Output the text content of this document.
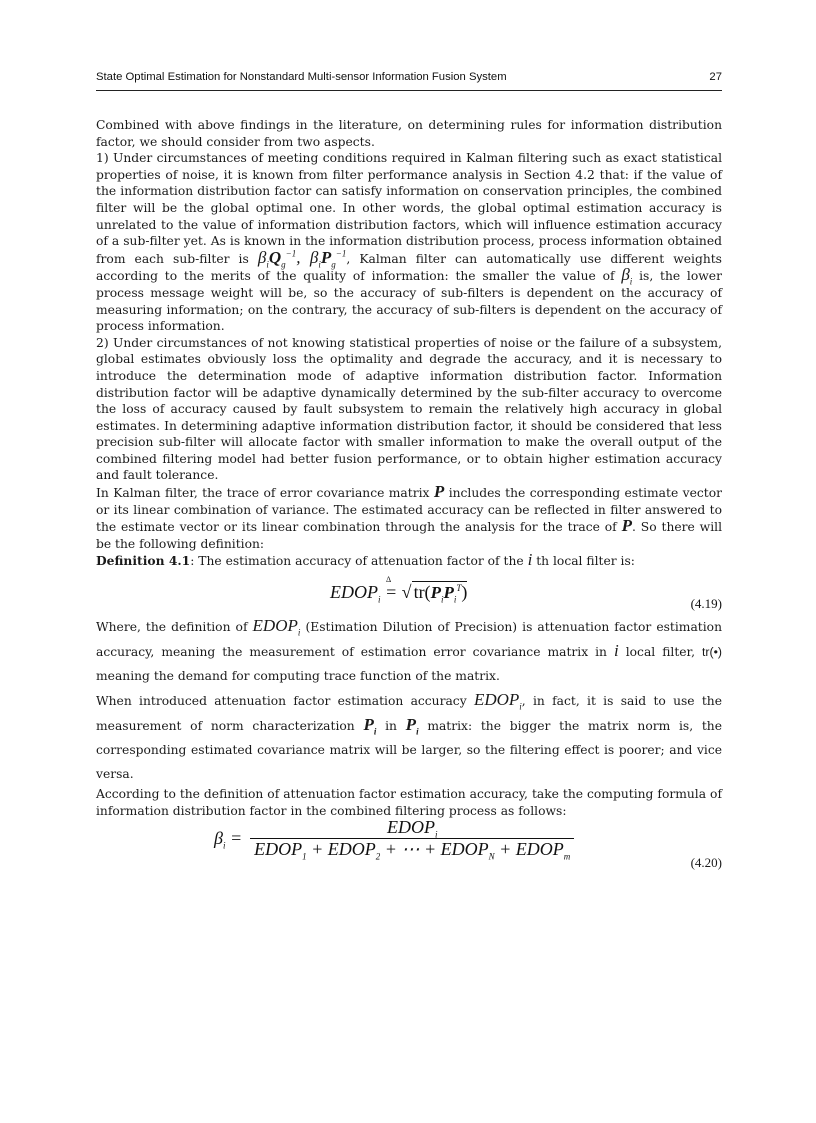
State Optimal Estimation for Nonstandard Multi-sensor Information Fusion System	27

Combined with above findings in the literature, on determining rules for information distribution factor, we should consider from two aspects.

1) Under circumstances of meeting conditions required in Kalman filtering such as exact statistical properties of noise, it is known from filter performance analysis in Section 4.2 that: if the value of the information distribution factor can satisfy information on conservation principles, the combined filter will be the global optimal one. In other words, the global optimal estimation accuracy is unrelated to the value of information distribution factors, which will influence estimation accuracy of a sub-filter yet. As is known in the information distribution process, process information obtained from each sub-filter is $\beta_iQ_g^{-1}$, $\beta_iP_g^{-1}$, Kalman filter can automatically use different weights according to the merits of the quality of information: the smaller the value of $\beta_i$ is, the lower process message weight will be, so the accuracy of sub-filters is dependent on the accuracy of measuring information; on the contrary, the accuracy of sub-filters is dependent on the accuracy of process information.

2) Under circumstances of not knowing statistical properties of noise or the failure of a subsystem, global estimates obviously loss the optimality and degrade the accuracy, and it is necessary to introduce the determination mode of adaptive information distribution factor. Information distribution factor will be adaptive dynamically determined by the sub-filter accuracy to overcome the loss of accuracy caused by fault subsystem to remain the relatively high accuracy in global estimates. In determining adaptive information distribution factor, it should be considered that less precision sub-filter will allocate factor with smaller information to make the overall output of the combined filtering model had better fusion performance, or to obtain higher estimation accuracy and fault tolerance.

In Kalman filter, the trace of error covariance matrix P includes the corresponding estimate vector or its linear combination of variance. The estimated accuracy can be reflected in filter answered to the estimate vector or its linear combination through the analysis for the trace of P. So there will be the following definition:

Definition 4.1: The estimation accuracy of attenuation factor of the i th local filter is:

Δ
$EDOP_i$ = √ $tr(P_iP_i^T)$
(4.19)

Where, the definition of $EDOP_i$ (Estimation Dilution of Precision) is attenuation factor estimation accuracy, meaning the measurement of estimation error covariance matrix in i local filter, tr(•) meaning the demand for computing trace function of the matrix.

When introduced attenuation factor estimation accuracy $EDOP_i$, in fact, it is said to use the measurement of norm characterization $P_i$ in $P_i$ matrix: the bigger the matrix norm is, the corresponding estimated covariance matrix will be larger, so the filtering effect is poorer; and vice versa.

According to the definition of attenuation factor estimation accuracy, take the computing formula of information distribution factor in the combined filtering process as follows:

$\beta_i = \frac{EDOP_i}{EDOP_1 + EDOP_2 + \cdots + EDOP_N + EDOP_m}$
(4.20)
